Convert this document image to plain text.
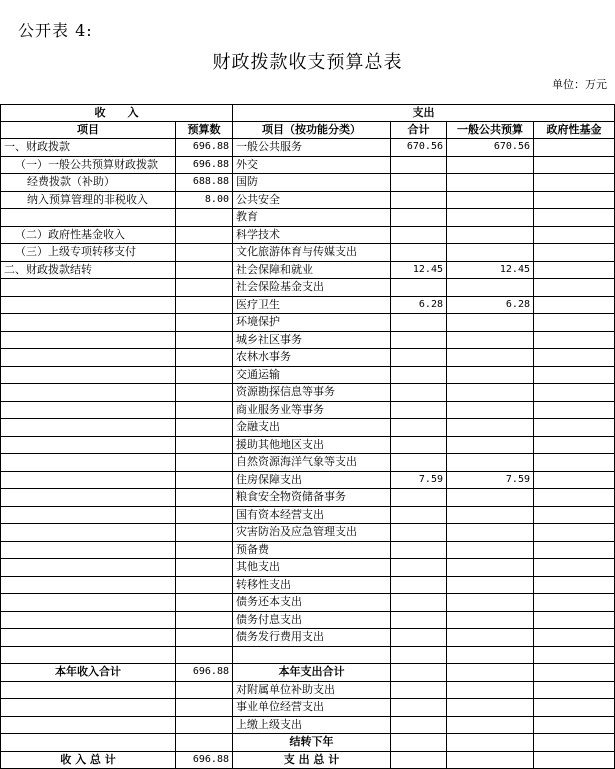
公开表 4:
财政拨款收支预算总表
单位：万元
收　　入		支出			
项目	预算数	项目（按功能分类）	合计	一般公共预算	政府性基金
一、财政拨款	696.88	一般公共服务	670.56	670.56	
（一）一般公共预算财政拨款	696.88	外交			
经费拨款（补助）	688.88	国防			
纳入预算管理的非税收入	8.00	公共安全			
		教育			
（二）政府性基金收入		科学技术			
（三）上级专项转移支付		文化旅游体育与传媒支出			
二、财政拨款结转		社会保障和就业	12.45	12.45	
		社会保险基金支出			
		医疗卫生	6.28	6.28	
		环境保护			
		城乡社区事务			
		农林水事务			
		交通运输			
		资源勘探信息等事务			
		商业服务业等事务			
		金融支出			
		援助其他地区支出			
		自然资源海洋气象等支出			
		住房保障支出	7.59	7.59	
		粮食安全物资储备事务			
		国有资本经营支出			
		灾害防治及应急管理支出			
		预备费			
		其他支出			
		转移性支出			
		债务还本支出			
		债务付息支出			
		债务发行费用支出			

本年收入合计	696.88	本年支出合计			
		对附属单位补助支出			
		事业单位经营支出			
		上缴上级支出			
		结转下年			
收 入 总 计	696.88	支 出 总 计			
